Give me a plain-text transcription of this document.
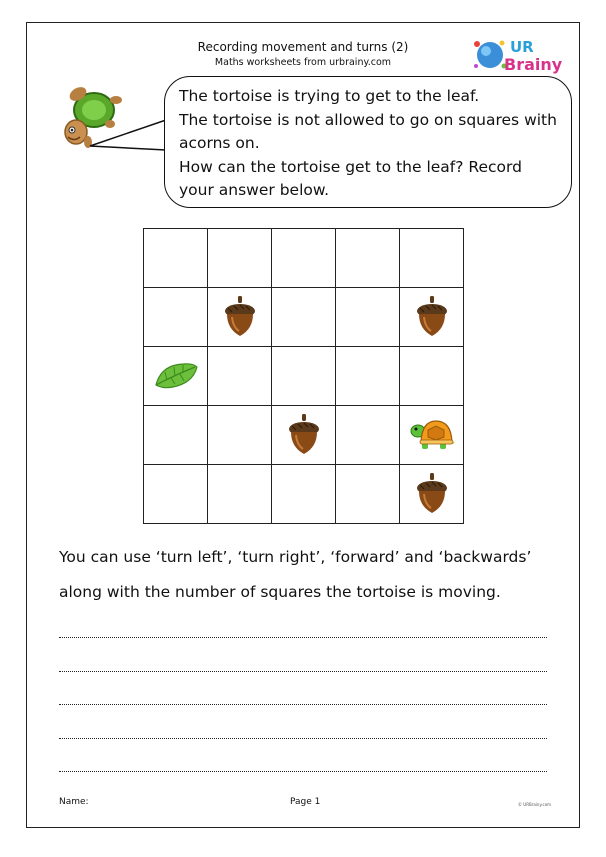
Recording movement and turns (2)
Maths worksheets from urbrainy.com
UR
Brainy

The tortoise is trying to get to the leaf.

The tortoise is not allowed to go on squares with acorns on.

How can the tortoise get to the leaf? Record your answer below.

You can use ‘turn left’, ‘turn right’, ‘forward’ and ‘backwards’ along with the number of squares the tortoise is moving.
Name:	Page 1	© URBrainy.com
